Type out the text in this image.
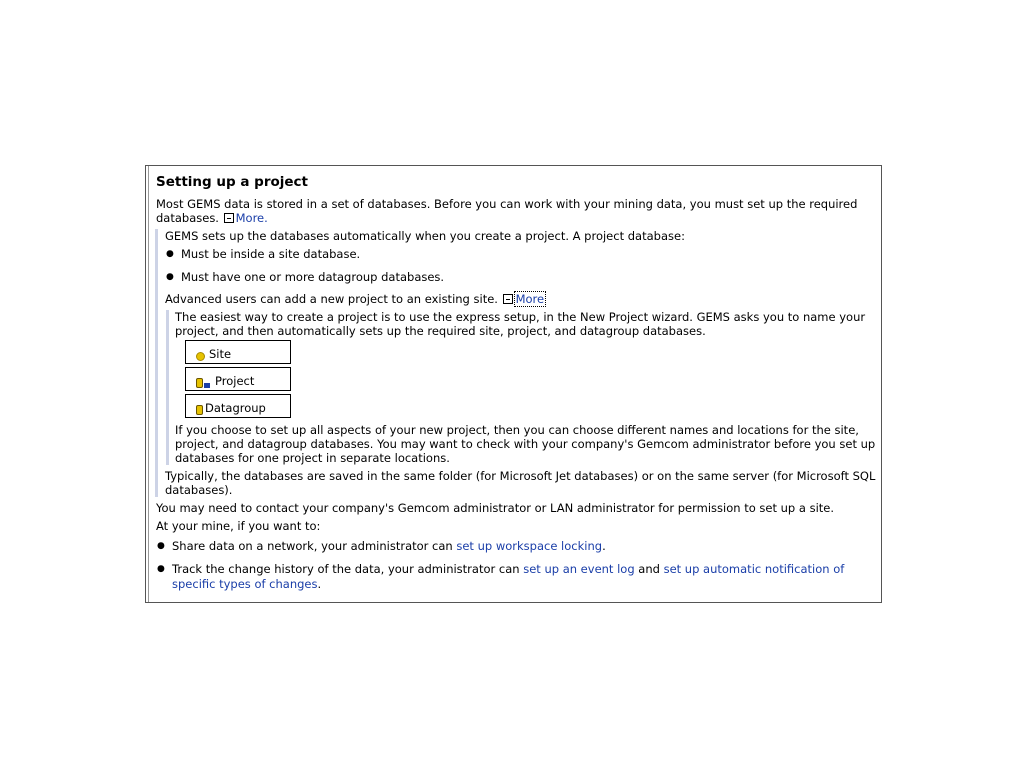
Setting up a project

Most GEMS data is stored in a set of databases. Before you can work with your mining data, you must set up the required databases. More.

GEMS sets up the databases automatically when you create a project. A project database:

● Must be inside a site database.
● Must have one or more datagroup databases.

Advanced users can add a new project to an existing site. More

The easiest way to create a project is to use the express setup, in the New Project wizard. GEMS asks you to name your project, and then automatically sets up the required site, project, and datagroup databases.

Site
Project
Datagroup

If you choose to set up all aspects of your new project, then you can choose different names and locations for the site, project, and datagroup databases. You may want to check with your company's Gemcom administrator before you set up databases for one project in separate locations.

Typically, the databases are saved in the same folder (for Microsoft Jet databases) or on the same server (for Microsoft SQL databases).

You may need to contact your company's Gemcom administrator or LAN administrator for permission to set up a site.

At your mine, if you want to:

● Share data on a network, your administrator can set up workspace locking.
● Track the change history of the data, your administrator can set up an event log and set up automatic notification of specific types of changes.
